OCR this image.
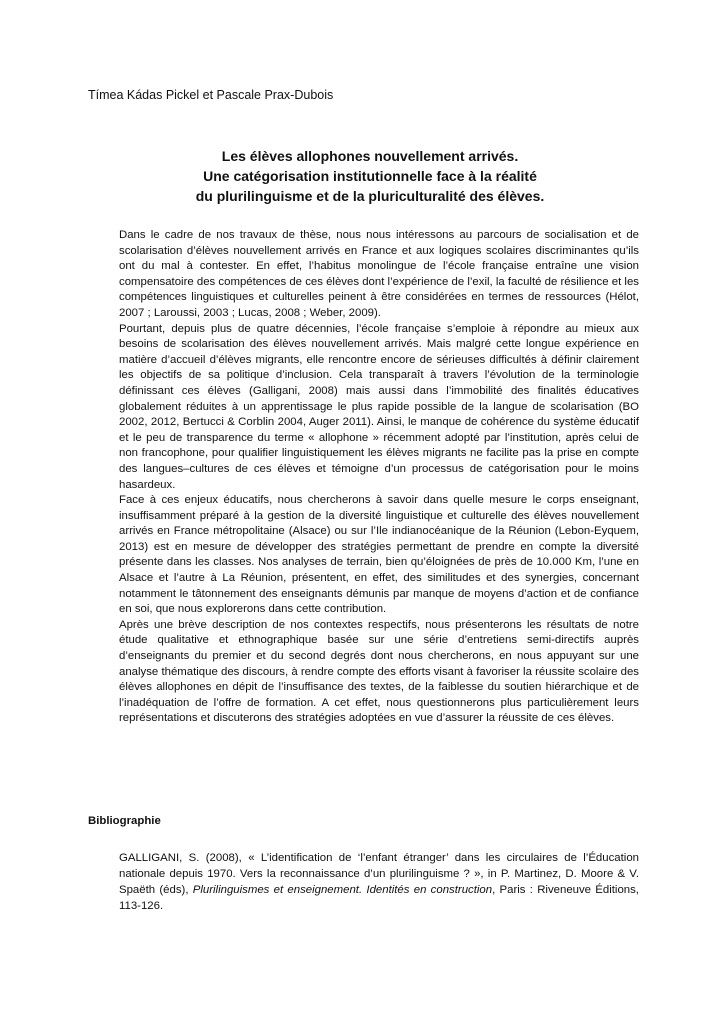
Tímea Kádas Pickel et Pascale Prax-Dubois

Les élèves allophones nouvellement arrivés.
Une catégorisation institutionnelle face à la réalité
du plurilinguisme et de la pluriculturalité des élèves.

Dans le cadre de nos travaux de thèse, nous nous intéressons au parcours de socialisation et de scolarisation d’élèves nouvellement arrivés en France et aux logiques scolaires discriminantes qu’ils ont du mal à contester. En effet, l’habitus monolingue de l’école française entraîne une vision compensatoire des compétences de ces élèves dont l’expérience de l’exil, la faculté de résilience et les compétences linguistiques et culturelles peinent à être considérées en termes de ressources (Hélot, 2007 ; Laroussi, 2003 ; Lucas, 2008 ; Weber, 2009).

Pourtant, depuis plus de quatre décennies, l’école française s’emploie à répondre au mieux aux besoins de scolarisation des élèves nouvellement arrivés. Mais malgré cette longue expérience en matière d’accueil d’élèves migrants, elle rencontre encore de sérieuses difficultés à définir clairement les objectifs de sa politique d’inclusion. Cela transparaît à travers l’évolution de la terminologie définissant ces élèves (Galligani, 2008) mais aussi dans l’immobilité des finalités éducatives globalement réduites à un apprentissage le plus rapide possible de la langue de scolarisation (BO 2002, 2012, Bertucci & Corblin 2004, Auger 2011). Ainsi, le manque de cohérence du système éducatif et le peu de transparence du terme « allophone » récemment adopté par l’institution, après celui de non francophone, pour qualifier linguistiquement les élèves migrants ne facilite pas la prise en compte des langues–cultures de ces élèves et témoigne d’un processus de catégorisation pour le moins hasardeux.

Face à ces enjeux éducatifs, nous chercherons à savoir dans quelle mesure le corps enseignant, insuffisamment préparé à la gestion de la diversité linguistique et culturelle des élèves nouvellement arrivés en France métropolitaine (Alsace) ou sur l’Ile indianocéanique de la Réunion (Lebon-Eyquem, 2013) est en mesure de développer des stratégies permettant de prendre en compte la diversité présente dans les classes. Nos analyses de terrain, bien qu’éloignées de près de 10.000 Km, l’une en Alsace et l’autre à La Réunion, présentent, en effet, des similitudes et des synergies, concernant notamment le tâtonnement des enseignants démunis par manque de moyens d’action et de confiance en soi, que nous explorerons dans cette contribution.

Après une brève description de nos contextes respectifs, nous présenterons les résultats de notre étude qualitative et ethnographique basée sur une série d’entretiens semi-directifs auprès d’enseignants du premier et du second degrés dont nous chercherons, en nous appuyant sur une analyse thématique des discours, à rendre compte des efforts visant à favoriser la réussite scolaire des élèves allophones en dépit de l’insuffisance des textes, de la faiblesse du soutien hiérarchique et de l’inadéquation de l’offre de formation. A cet effet, nous questionnerons plus particulièrement leurs représentations et discuterons des stratégies adoptées en vue d’assurer la réussite de ces élèves.

Bibliographie

GALLIGANI, S. (2008), « L’identification de ‘l’enfant étranger’ dans les circulaires de l’Éducation nationale depuis 1970. Vers la reconnaissance d’un plurilinguisme ? », in P. Martinez, D. Moore & V. Spaëth (éds), Plurilinguismes et enseignement. Identités en construction, Paris : Riveneuve Éditions, 113-126.
